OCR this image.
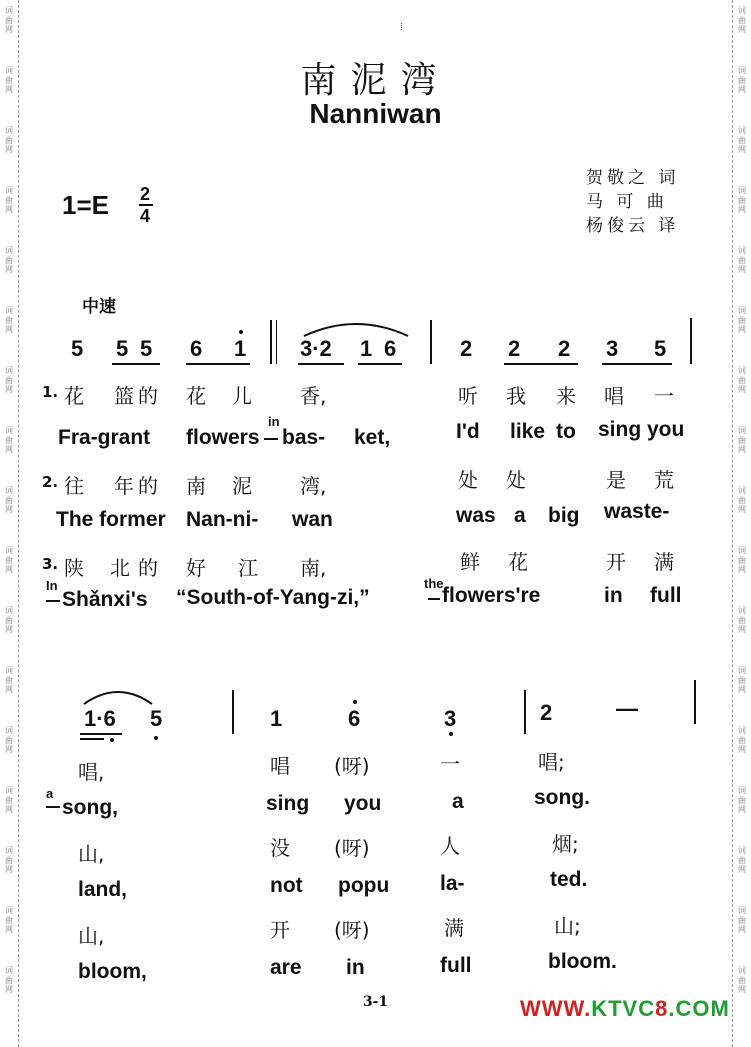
词
曲
网
词
曲
网
词
曲
网
词
曲
网
词
曲
网
词
曲
网
词
曲
网
词
曲
网
词
曲
网
词
曲
网
词
曲
网
词
曲
网
词
曲
网
词
曲
网
词
曲
网
词
曲
网
词
曲
网
词
曲
网
词
曲
网
词
曲
网
词
曲
网
词
曲
网
词
曲
网
词
曲
网
词
曲
网
词
曲
网
词
曲
网
词
曲
网
词
曲
网
词
曲
网
词
曲
网
词
曲
网
词
曲
网
词
曲
网
⁞
南泥湾
Nanniwan
1=E 2
4
贺敬之 词
马 可 曲
杨俊云 译
中速
5 5 5 6 1 3·2 1 6	2 2 2 3 5
1. 花 篮 的 花 儿 香,	听 我 来 唱 一
Fra-grant flowers
in
bas- ket,	I'd like to sing you
2. 往 年 的 南 泥 湾,	处 处	是 荒
The former Nan-ni- wan	was a big waste-
3. 陕 北 的 好 江 南,	鲜 花	开 满
In
Shǎnxi's “South-of-Yang-zi,”
the
flowers're	in full
1·6 5	1	6	3	2	—
唱,	唱 (呀)	一	唱;
a
song,	sing you	a	song.
山,	没 (呀)	人	烟;
land,	not popu la-	ted.
山,	开 (呀)	满	山;
bloom,	are in	full	bloom.
3-1	WWW.KTVC8.COM
